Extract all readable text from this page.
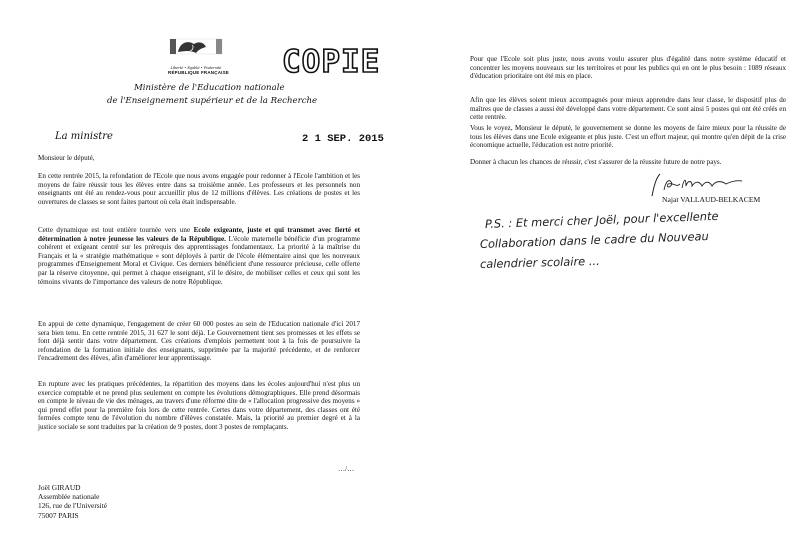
Liberté • Égalité • Fraternité
RÉPUBLIQUE FRANÇAISE COPIE
Ministère de l'Education nationale
de l'Enseignement supérieur et de la Recherche
La ministre	2 1 SEP. 2015
Monsieur le député,
En cette rentrée 2015, la refondation de l'Ecole que nous avons engagée pour redonner à l'Ecole l'ambition et les moyens de faire réussir tous les élèves entre dans sa troisième année. Les professeurs et les personnels non enseignants ont été au rendez-vous pour accueillir plus de 12 millions d'élèves. Les créations de postes et les ouvertures de classes se sont faites partout où cela était indispensable.
Cette dynamique est tout entière tournée vers une Ecole exigeante, juste et qui transmet avec fierté et détermination à notre jeunesse les valeurs de la République. L'école maternelle bénéficie d'un programme cohérent et exigeant centré sur les prérequis des apprentissages fondamentaux. La priorité à la maîtrise du Français et la « stratégie mathématique » sont déployés à partir de l'école élémentaire ainsi que les nouveaux programmes d'Enseignement Moral et Civique. Ces derniers bénéficient d'une ressource précieuse, celle offerte par la réserve citoyenne, qui permet à chaque enseignant, s'il le désire, de mobiliser celles et ceux qui sont les témoins vivants de l'importance des valeurs de notre République.
En appui de cette dynamique, l'engagement de créer 60 000 postes au sein de l'Education nationale d'ici 2017 sera bien tenu. En cette rentrée 2015, 31 627 le sont déjà. Le Gouvernement tient ses promesses et les effets se font déjà sentir dans votre département. Ces créations d'emplois permettent tout à la fois de poursuivre la refondation de la formation initiale des enseignants, supprimée par la majorité précédente, et de renforcer l'encadrement des élèves, afin d'améliorer leur apprentissage.
En rupture avec les pratiques précédentes, la répartition des moyens dans les écoles aujourd'hui n'est plus un exercice comptable et ne prend plus seulement en compte les évolutions démographiques. Elle prend désormais en compte le niveau de vie des ménages, au travers d'une réforme dite de « l'allocation progressive des moyens » qui prend effet pour la première fois lors de cette rentrée. Certes dans votre département, des classes ont été fermées compte tenu de l'évolution du nombre d'élèves constatée. Mais, la priorité au premier degré et à la justice sociale se sont traduites par la création de 9 postes, dont 3 postes de remplaçants.
…/…
Joël GIRAUD
Assemblée nationale
126, rue de l'Université
75007 PARIS
Pour que l'Ecole soit plus juste, nous avons voulu assurer plus d'égalité dans notre système éducatif et concentrer les moyens nouveaux sur les territoires et pour les publics qui en ont le plus besoin : 1089 réseaux d'éducation prioritaire ont été mis en place.
Afin que les élèves soient mieux accompagnés pour mieux apprendre dans leur classe, le dispositif plus de maîtres que de classes a aussi été développé dans votre département. Ce sont ainsi 5 postes qui ont été créés en cette rentrée.
Vous le voyez, Monsieur le député, le gouvernement se donne les moyens de faire mieux pour la réussite de tous les élèves dans une Ecole exigeante et plus juste. C'est un effort majeur, qui montre qu'en dépit de la crise économique actuelle, l'éducation est notre priorité.
Donner à chacun les chances de réussir, c'est s'assurer de la réussite future de notre pays.
Najat VALLAUD-BELKACEM
P.S. : Et merci cher Joël, pour l'excellente
Collaboration dans le cadre du Nouveau
calendrier scolaire ...
